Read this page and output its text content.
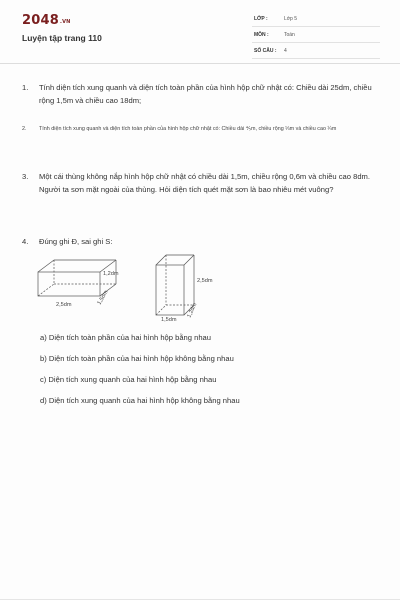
$2048^{.VN}$
Luyện tập trang 110
LỚP :	Lớp 5
MÔN :	Toán
SỐ CÂU : 4
1. Tính diện tích xung quanh và diện tích toàn phần của hình hộp chữ nhật có: Chiều dài 25dm, chiều rộng 1,5m và chiều cao 18dm;
2. Tính diện tích xung quanh và diện tích toàn phần của hình hộp chữ nhật có: Chiều dài ⅘m, chiều rộng ⅓m và chiều cao ¼m
3. Một cái thùng không nắp hình hộp chữ nhật có chiều dài 1,5m, chiều rộng 0,6m và chiều cao 8dm. Người ta sơn mặt ngoài của thùng. Hỏi diện tích quét mặt sơn là bao nhiêu mét vuông?
4. Đúng ghi Đ, sai ghi S:
1,2dm
2,5dm	1,5dm
2,5dm
1,5dm
1,2dm
a) Diện tích toàn phần của hai hình hộp bằng nhau
b) Diện tích toàn phần của hai hình hộp không bằng nhau
c) Diện tích xung quanh của hai hình hộp bằng nhau
d) Diện tích xung quanh của hai hình hộp không bằng nhau
